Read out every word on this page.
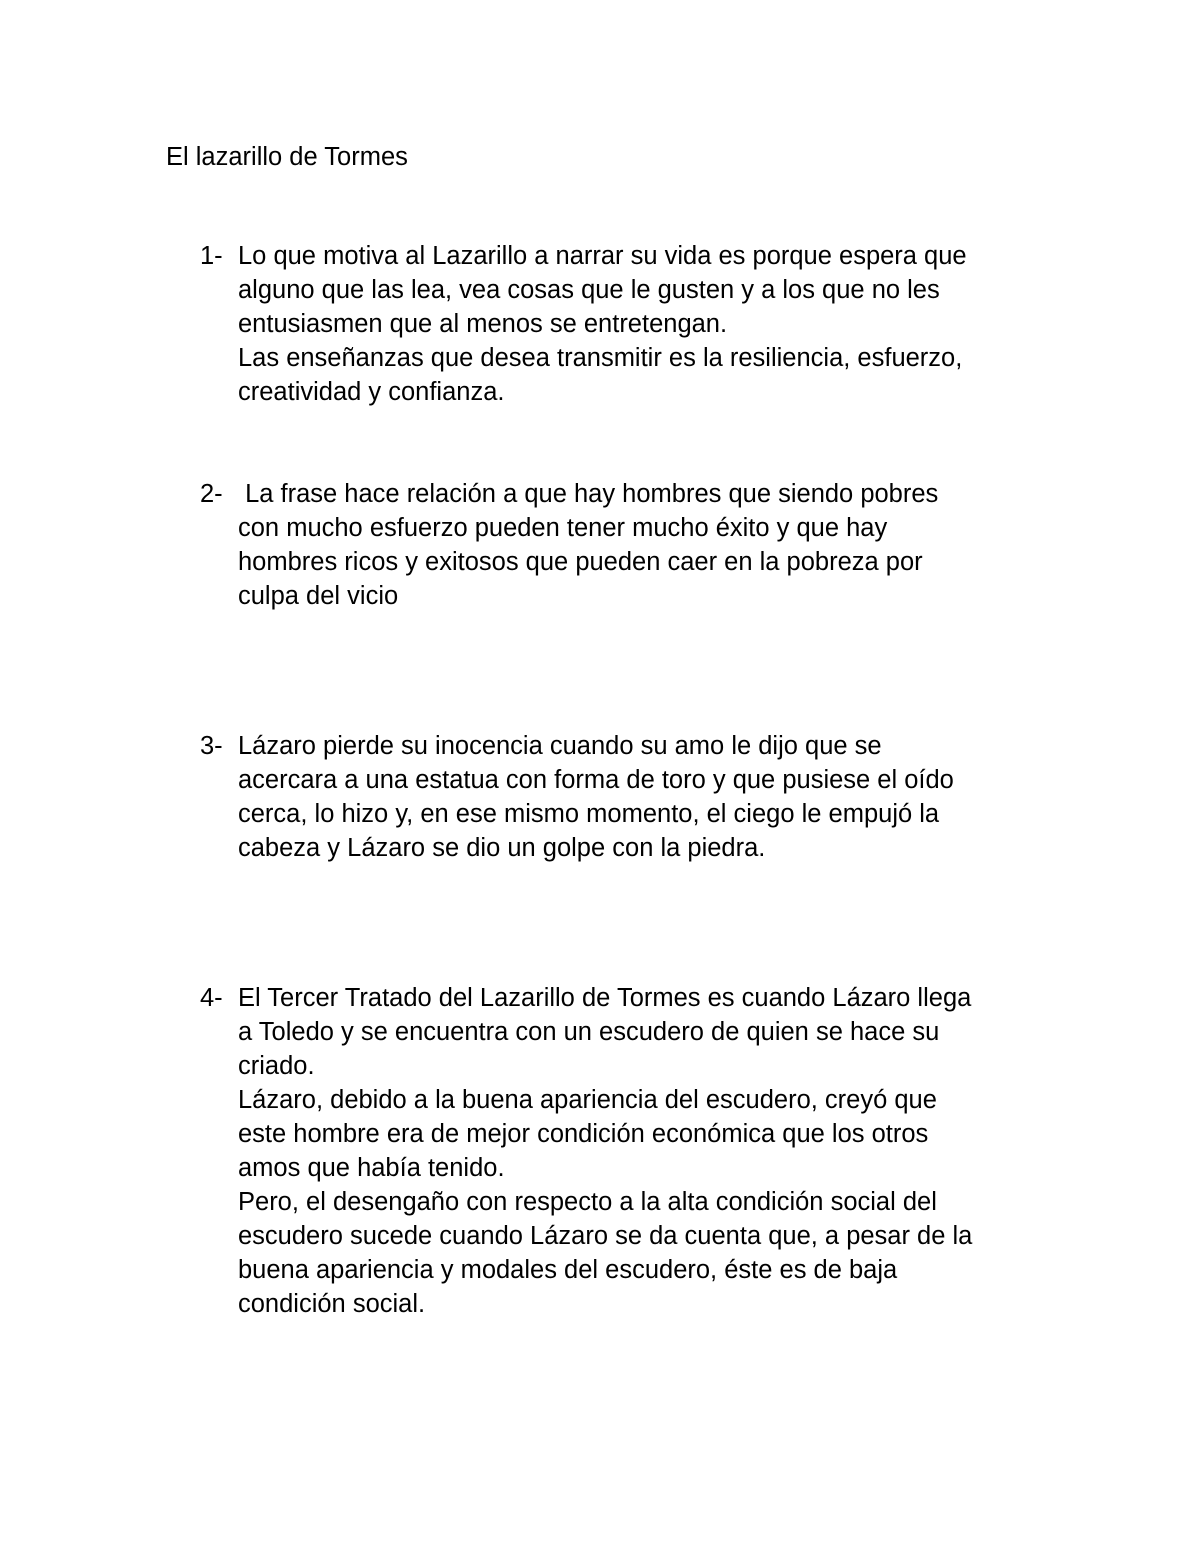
El lazarillo de Tormes
1- Lo que motiva al Lazarillo a narrar su vida es porque espera que
alguno que las lea, vea cosas que le gusten y a los que no les
entusiasmen que al menos se entretengan.
Las enseñanzas que desea transmitir es la resiliencia, esfuerzo,
creatividad y confianza.
2- La frase hace relación a que hay hombres que siendo pobres
con mucho esfuerzo pueden tener mucho éxito y que hay
hombres ricos y exitosos que pueden caer en la pobreza por
culpa del vicio
3- Lázaro pierde su inocencia cuando su amo le dijo que se
acercara a una estatua con forma de toro y que pusiese el oído
cerca, lo hizo y, en ese mismo momento, el ciego le empujó la
cabeza y Lázaro se dio un golpe con la piedra.
4- El Tercer Tratado del Lazarillo de Tormes es cuando Lázaro llega
a Toledo y se encuentra con un escudero de quien se hace su
criado.
Lázaro, debido a la buena apariencia del escudero, creyó que
este hombre era de mejor condición económica que los otros
amos que había tenido.
Pero, el desengaño con respecto a la alta condición social del
escudero sucede cuando Lázaro se da cuenta que, a pesar de la
buena apariencia y modales del escudero, éste es de baja
condición social.
